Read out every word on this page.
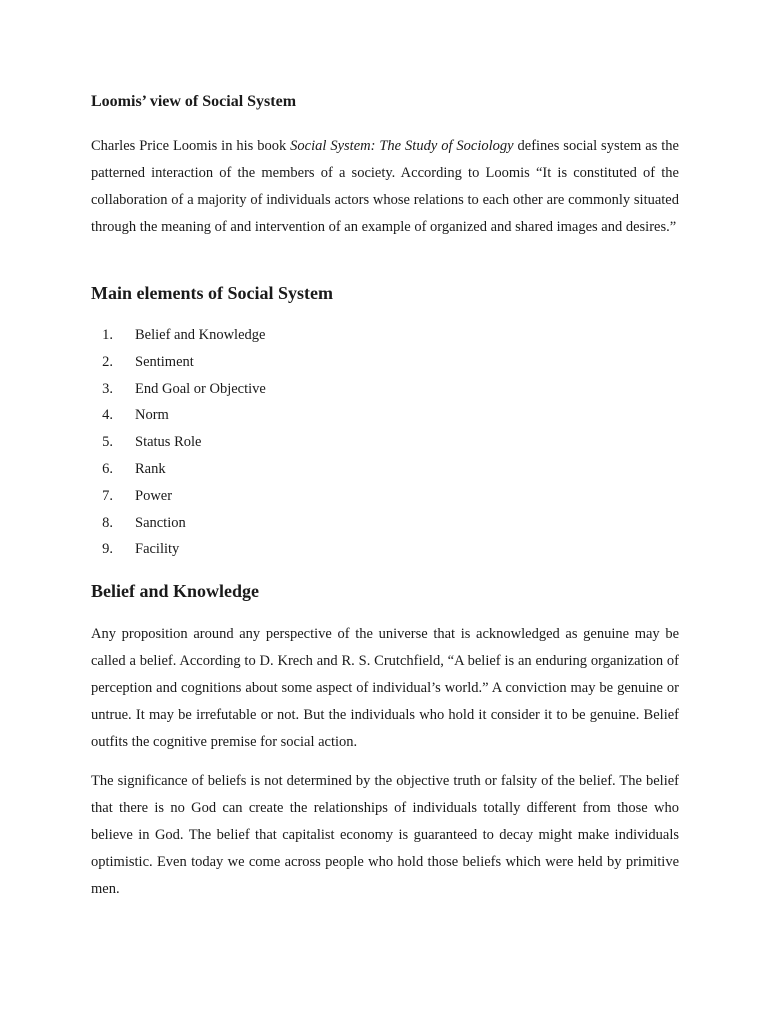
Loomis’ view of Social System

Charles Price Loomis in his book Social System: The Study of Sociology defines social system as the patterned interaction of the members of a society. According to Loomis “It is constituted of the collaboration of a majority of individuals actors whose relations to each other are commonly situated through the meaning of and intervention of an example of organized and shared images and desires.”

Main elements of Social System
1. Belief and Knowledge
2. Sentiment
3. End Goal or Objective
4. Norm
5. Status Role
6. Rank
7. Power
8. Sanction
9. Facility
Belief and Knowledge

Any proposition around any perspective of the universe that is acknowledged as genuine may be called a belief. According to D. Krech and R. S. Crutchfield, “A belief is an enduring organization of perception and cognitions about some aspect of individual’s world.” A conviction may be genuine or untrue. It may be irrefutable or not. But the individuals who hold it consider it to be genuine. Belief outfits the cognitive premise for social action.

The significance of beliefs is not determined by the objective truth or falsity of the belief. The belief that there is no God can create the relationships of individuals totally different from those who believe in God. The belief that capitalist economy is guaranteed to decay might make individuals optimistic. Even today we come across people who hold those beliefs which were held by primitive men.
